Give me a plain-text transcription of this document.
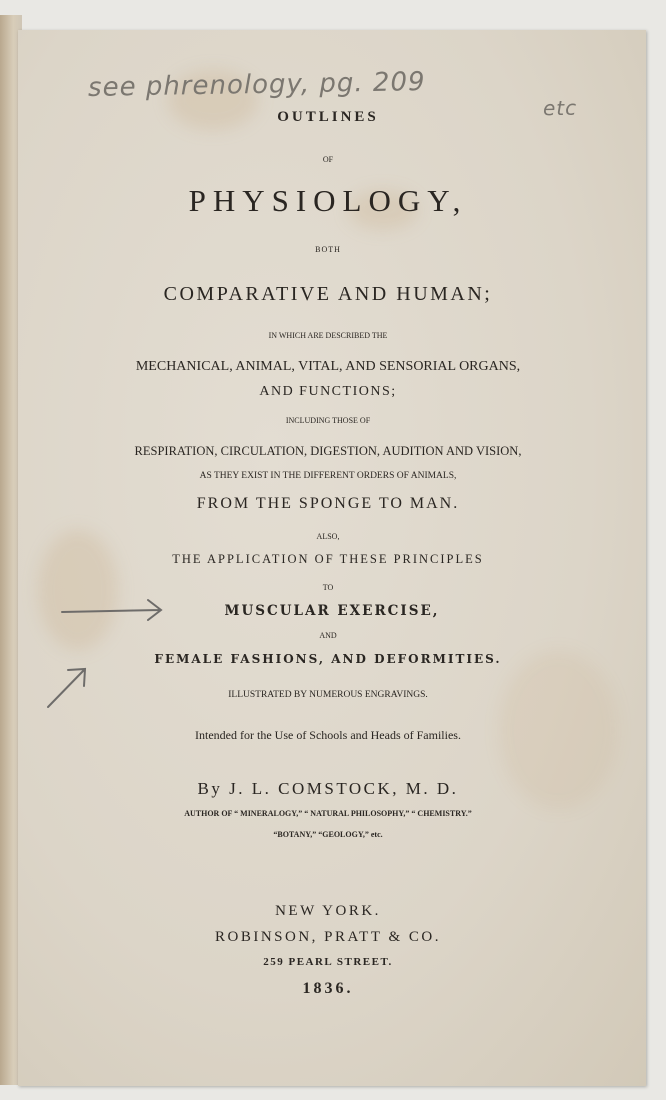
see phrenology, pg. 209
etc
OUTLINES
OF
PHYSIOLOGY,
BOTH
COMPARATIVE AND HUMAN;
IN WHICH ARE DESCRIBED THE
MECHANICAL, ANIMAL, VITAL, AND SENSORIAL ORGANS,
AND FUNCTIONS;
INCLUDING THOSE OF
RESPIRATION, CIRCULATION, DIGESTION, AUDITION AND VISION,
AS THEY EXIST IN THE DIFFERENT ORDERS OF ANIMALS,
FROM THE SPONGE TO MAN.
ALSO,
THE APPLICATION OF THESE PRINCIPLES
TO
MUSCULAR EXERCISE,
AND
FEMALE FASHIONS, AND DEFORMITIES.
ILLUSTRATED BY NUMEROUS ENGRAVINGS.
Intended for the Use of Schools and Heads of Families.
By J. L. COMSTOCK, M. D.
AUTHOR OF “ MINERALOGY,” “ NATURAL PHILOSOPHY,” “ CHEMISTRY.”
“BOTANY,” “GEOLOGY,” etc.
NEW YORK.
ROBINSON, PRATT & CO.
259 PEARL STREET.
1836.
